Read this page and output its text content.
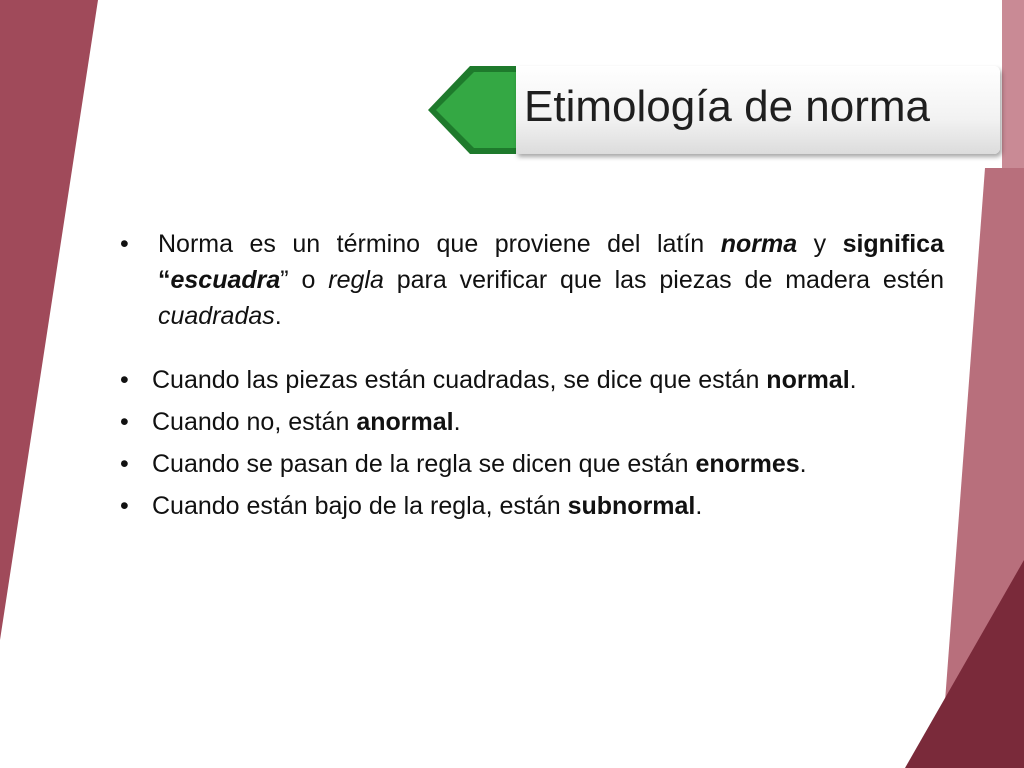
Etimología de norma
• Norma es un término que proviene del latín norma y significa “escuadra” o regla para verificar que las piezas de madera estén cuadradas.
• Cuando las piezas están cuadradas, se dice que están normal.
• Cuando no, están anormal.
• Cuando se pasan de la regla se dicen que están enormes.
• Cuando están bajo de la regla, están subnormal.
